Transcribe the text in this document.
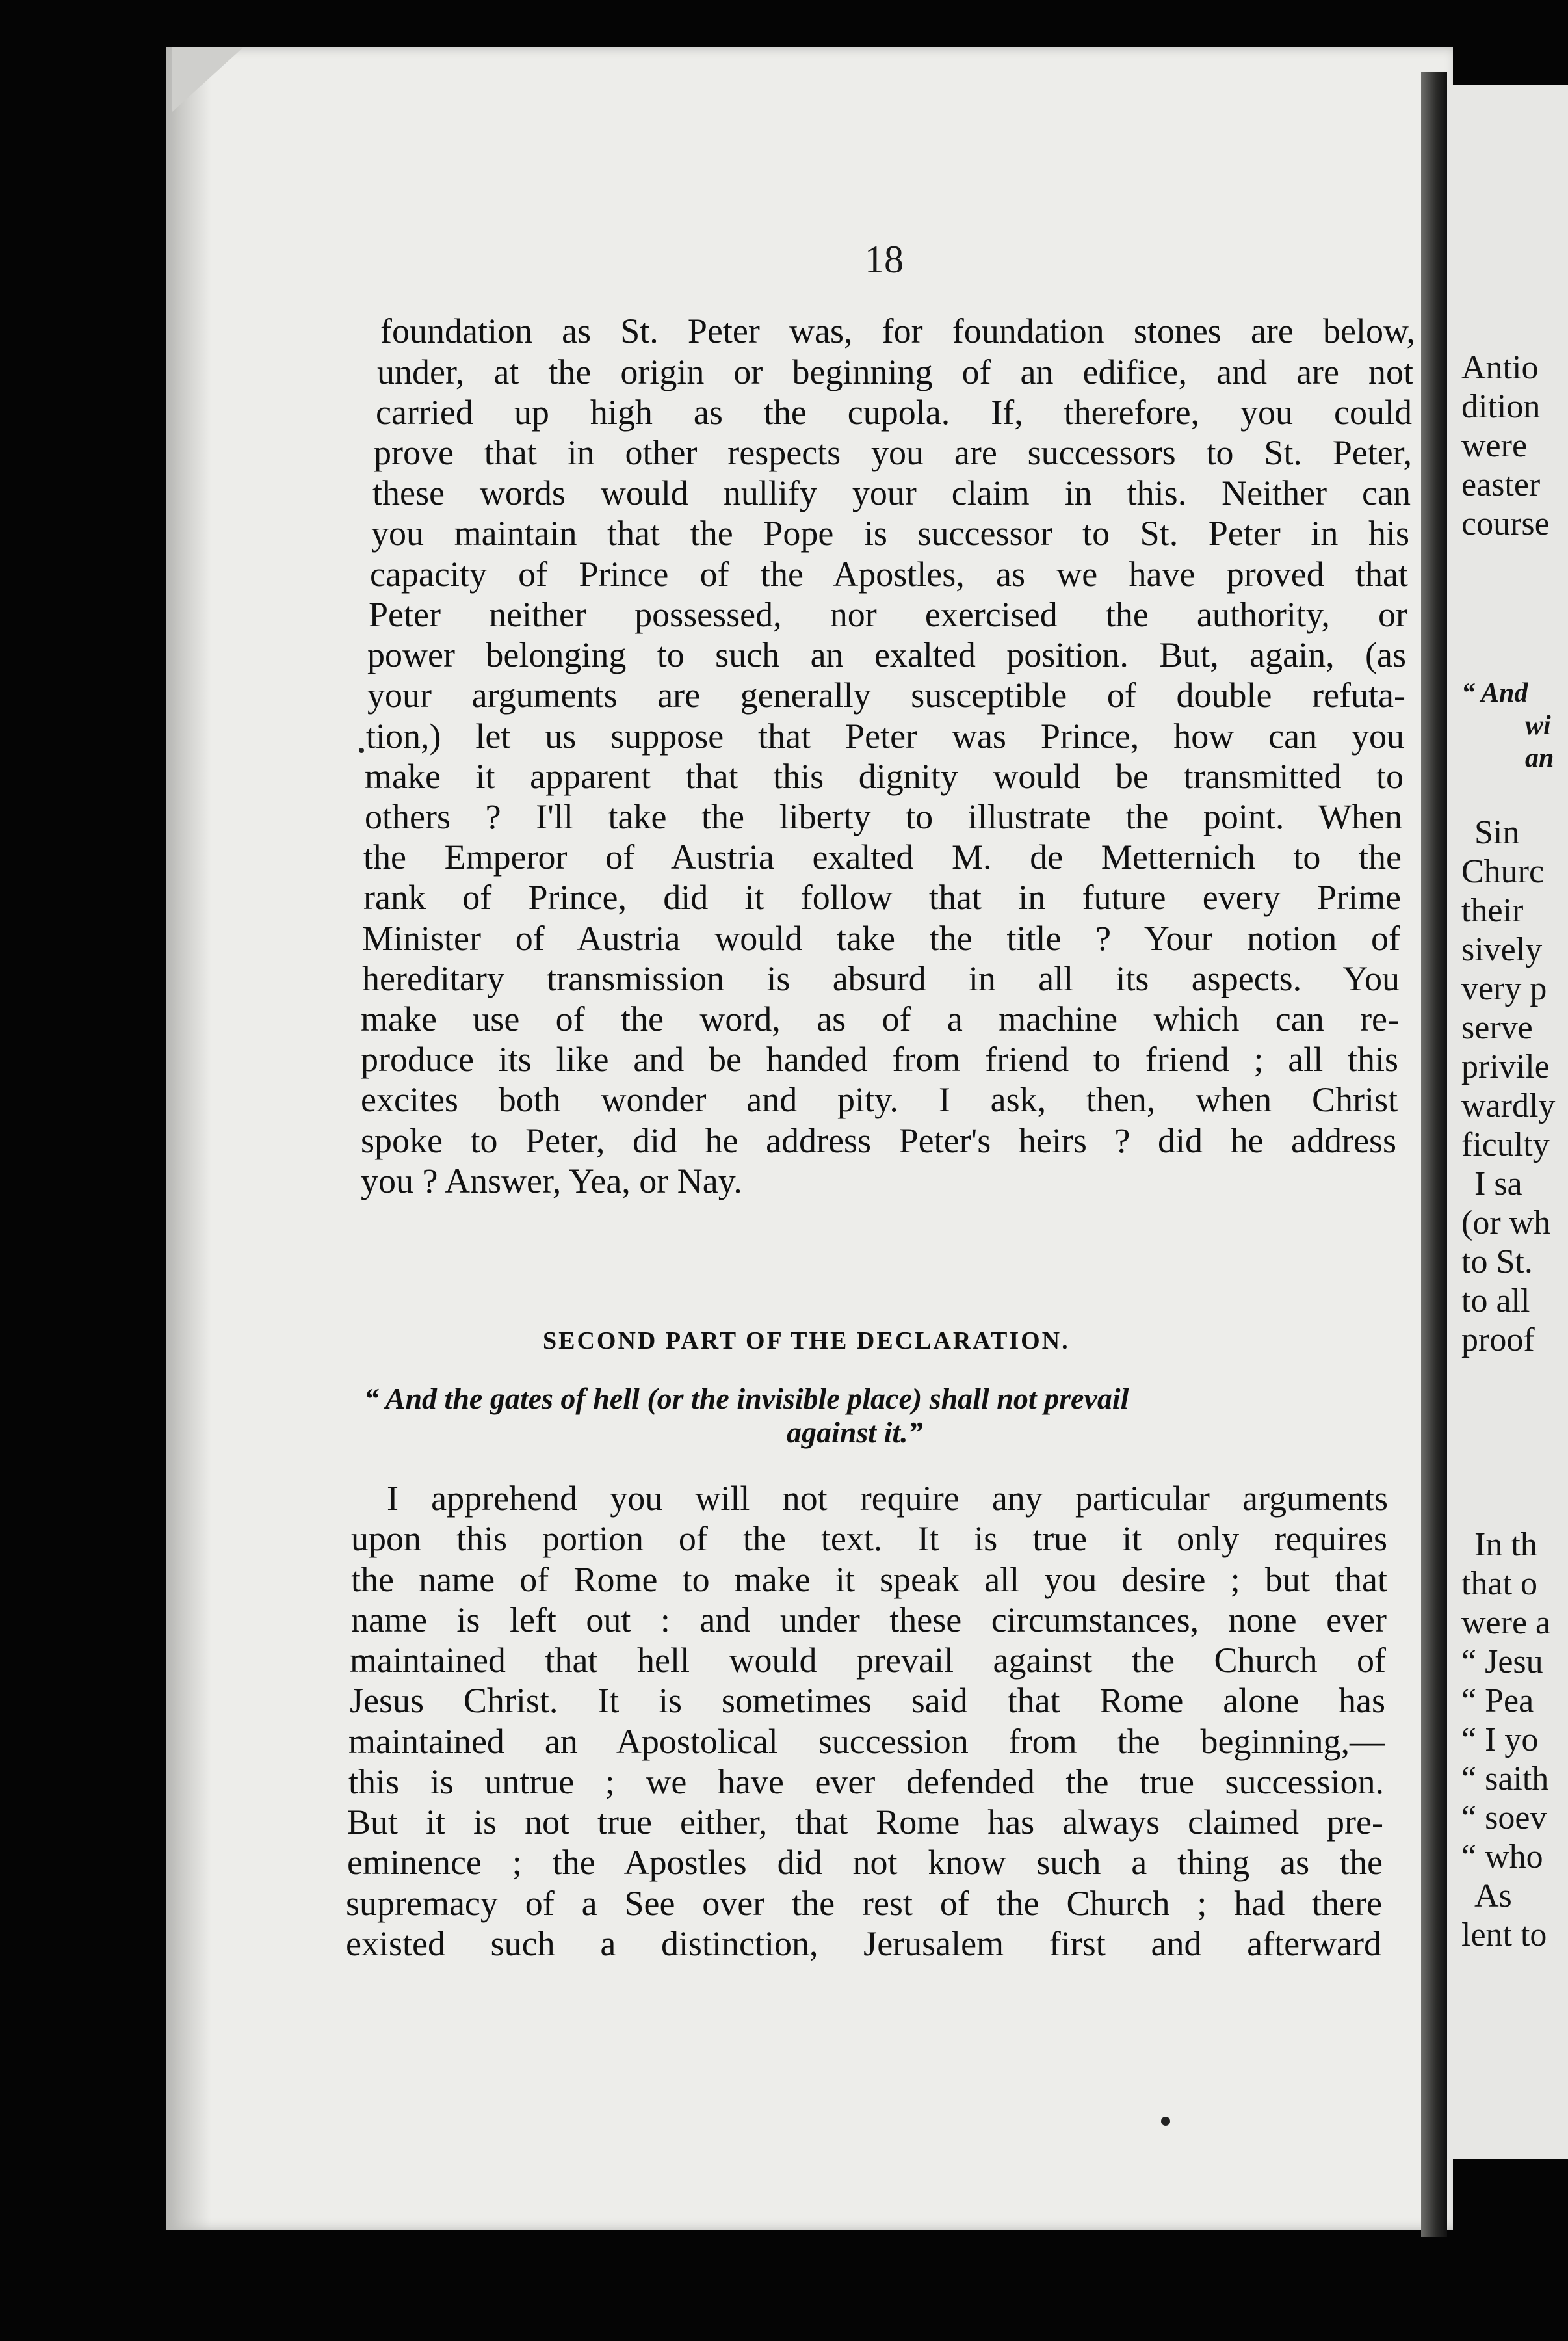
Antio

dition

were

easter

course

“ And

wi

an

Sin

Churc

their

sively

very p

serve

privile

wardly

ficulty

I sa

(or wh

to St.

to all

proof

In th

that o

were a

“ Jesu

“ Pea

“ I yo

“ saith

“ soev

“ who

As

lent to

18

foundation as St. Peter was, for foundation stones are below,

under, at the origin or beginning of an edifice, and are not

carried up high as the cupola. If, therefore, you could

prove that in other respects you are successors to St. Peter,

these words would nullify your claim in this. Neither can

you maintain that the Pope is successor to St. Peter in his

capacity of Prince of the Apostles, as we have proved that

Peter neither possessed, nor exercised the authority, or

power belonging to such an exalted position. But, again, (as

your arguments are generally susceptible of double refuta-

tion,) let us suppose that Peter was Prince, how can you

make it apparent that this dignity would be transmitted to

others ? I'll take the liberty to illustrate the point. When

the Emperor of Austria exalted M. de Metternich to the

rank of Prince, did it follow that in future every Prime

Minister of Austria would take the title ? Your notion of

hereditary transmission is absurd in all its aspects. You

make use of the word, as of a machine which can re-

produce its like and be handed from friend to friend ; all this

excites both wonder and pity. I ask, then, when Christ

spoke to Peter, did he address Peter's heirs ? did he address

you ? Answer, Yea, or Nay.

SECOND PART OF THE DECLARATION.

“ And the gates of hell (or the invisible place) shall not prevail

against it.”

I apprehend you will not require any particular arguments

upon this portion of the text. It is true it only requires

the name of Rome to make it speak all you desire ; but that

name is left out : and under these circumstances, none ever

maintained that hell would prevail against the Church of

Jesus Christ. It is sometimes said that Rome alone has

maintained an Apostolical succession from the beginning,—

this is untrue ; we have ever defended the true succession.

But it is not true either, that Rome has always claimed pre-

eminence ; the Apostles did not know such a thing as the

supremacy of a See over the rest of the Church ; had there

existed such a distinction, Jerusalem first and afterward
